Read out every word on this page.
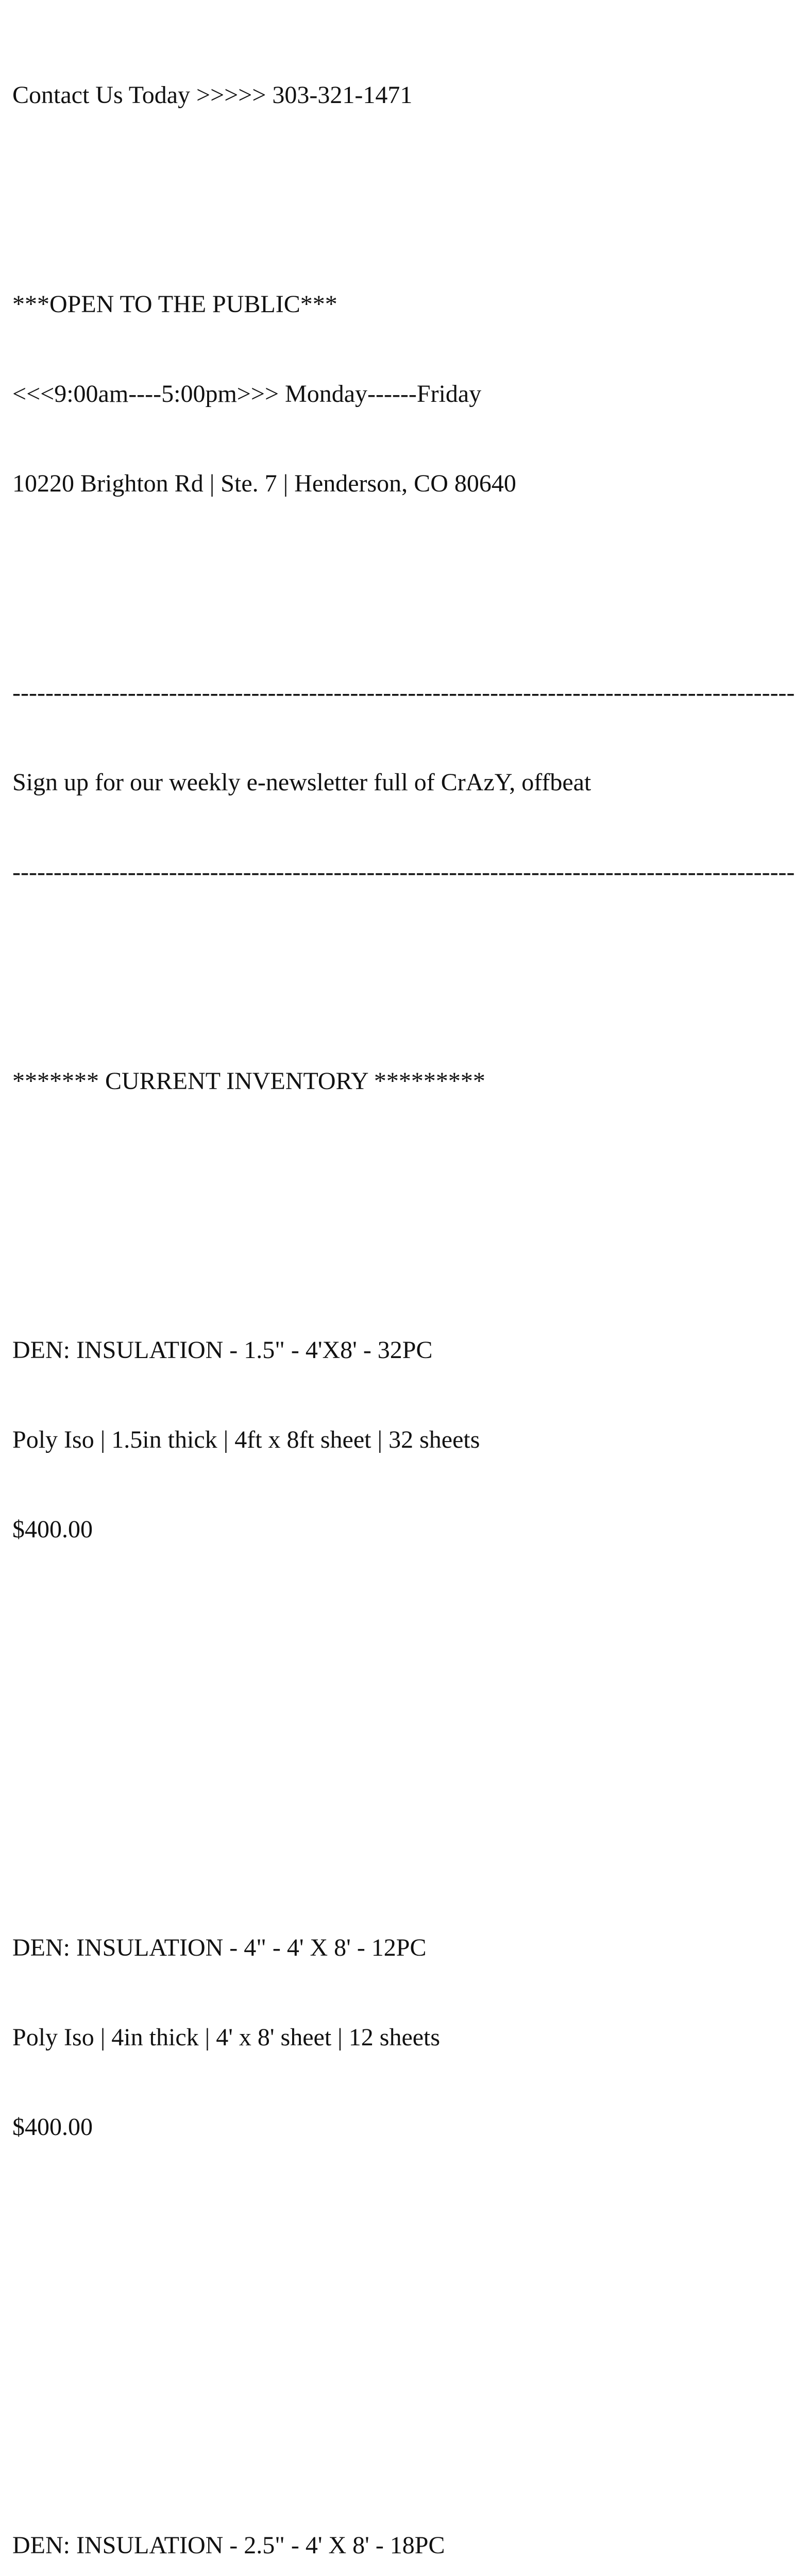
Contact Us Today >>>>> 303-321-1471

***OPEN TO THE PUBLIC***

<<<9:00am----5:00pm>>> Monday------Friday

10220 Brighton Rd | Ste. 7 | Henderson, CO 80640

-----------------------------------------------------------------------------------------------

Sign up for our weekly e-newsletter full of CrAzY, offbeat

-----------------------------------------------------------------------------------------------

******* CURRENT INVENTORY *********

DEN: INSULATION - 1.5" - 4'X8' - 32PC

Poly Iso | 1.5in thick | 4ft x 8ft sheet | 32 sheets

$400.00

DEN: INSULATION - 4" - 4' X 8' - 12PC

Poly Iso | 4in thick | 4' x 8' sheet | 12 sheets

$400.00

DEN: INSULATION - 2.5" - 4' X 8' - 18PC
